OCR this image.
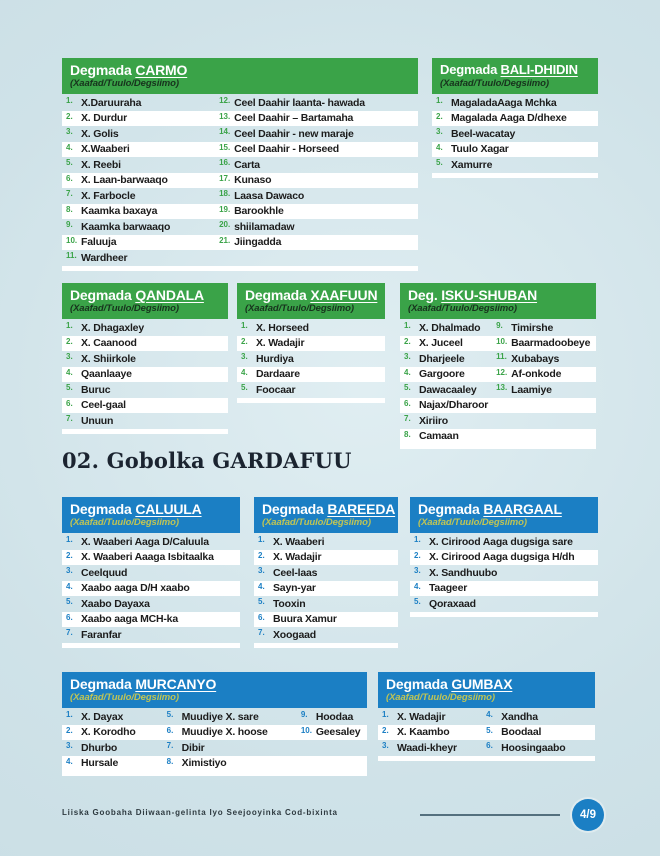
Degmada CARMO
(Xaafad/Tuulo/Degsiimo)
1. X.Daruuraha	12. Ceel Daahir laanta- hawada
2. X. Durdur	13. Ceel Daahir – Bartamaha
3. X. Golis	14. Ceel Daahir - new maraje
4. X.Waaberi	15. Ceel Daahir - Horseed
5. X. Reebi	16. Carta
6. X. Laan-barwaaqo	17. Kunaso
7. X. Farbocle	18. Laasa Dawaco
8. Kaamka baxaya	19. Barookhle
9. Kaamka barwaaqo	20. shiilamadaw
10. Faluuja	21. Jiingadda
11. Wardheer
Degmada BALI-DHIDIN
(Xaafad/Tuulo/Degsiimo)
1. MagaladaAaga Mchka
2. Magalada Aaga D/dhexe
3. Beel-wacatay
4. Tuulo Xagar
5. Xamurre
Degmada QANDALA
(Xaafad/Tuulo/Degsiimo)
1. X. Dhagaxley
2. X. Caanood
3. X. Shiirkole
4. Qaanlaaye
5. Buruc
6. Ceel-gaal
7. Unuun
Degmada XAAFUUN
(Xaafad/Tuulo/Degsiimo)
1. X. Horseed
2. X. Wadajir
3. Hurdiya
4. Dardaare
5. Foocaar
Deg. ISKU-SHUBAN
(Xaafad/Tuulo/Degsiimo)
1. X. Dhalmado	9. Timirshe
2. X. Juceel	10. Baarmadoobeye
3. Dharjeele	11. Xubabays
4. Gargoore	12. Af-onkode
5. Dawacaaley	13. Laamiye
6. Najax/Dharoor
7. Xiriiro
8. Camaan
02. Gobolka GARDAFUU
Degmada CALUULA
(Xaafad/Tuulo/Degsiimo)
1. X. Waaberi Aaga D/Caluula
2. X. Waaberi Aaaga Isbitaalka
3. Ceelquud
4. Xaabo aaga D/H xaabo
5. Xaabo Dayaxa
6. Xaabo aaga MCH-ka
7. Faranfar
Degmada BAREEDA
(Xaafad/Tuulo/Degsiimo)
1. X. Waaberi
2. X. Wadajir
3. Ceel-laas
4. Sayn-yar
5. Tooxin
6. Buura Xamur
7. Xoogaad
Degmada BAARGAAL
(Xaafad/Tuulo/Degsiimo)
1. X. Cirirood Aaga dugsiga sare
2. X. Cirirood Aaga dugsiga H/dh
3. X. Sandhuubo
4. Taageer
5. Qoraxaad
Degmada MURCANYO
(Xaafad/Tuulo/Degsiimo)
1. X. Dayax	5. Muudiye X. sare	9. Hoodaa
2. X. Korodho	6. Muudiye X. hoose	10. Geesaley
3. Dhurbo	7. Dibir
4. Hursale	8. Ximistiyo
Degmada GUMBAX
(Xaafad/Tuulo/Degsiimo)
1. X. Wadajir	4. Xandha
2. X. Kaambo	5. Boodaal
3. Waadi-kheyr	6. Hoosingaabo
Liiska Goobaha Diiwaan-gelinta Iyo Seejooyinka Cod-bixinta	4/9
